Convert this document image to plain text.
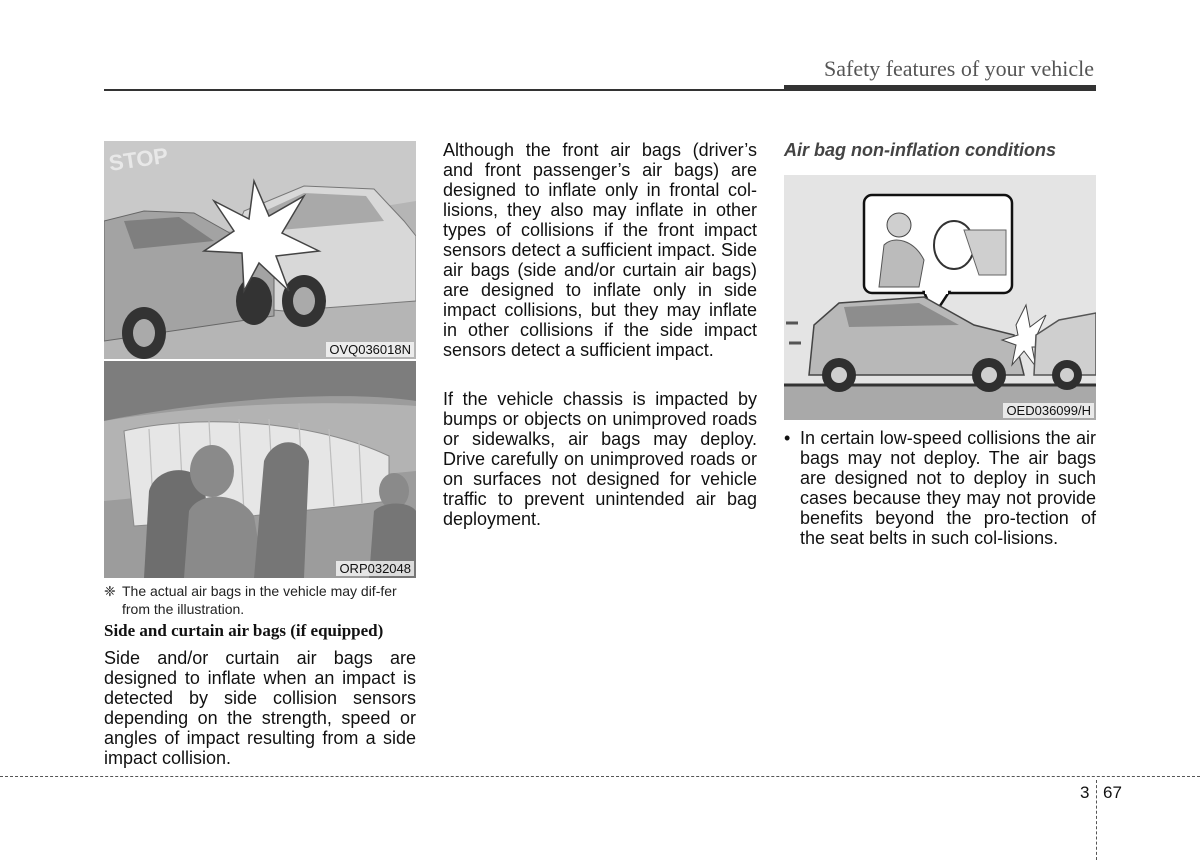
Safety features of your vehicle
STOP
OVQ036018N
ORP032048
❈ The actual air bags in the vehicle may dif-fer from the illustration.
Side and curtain air bags (if equipped)

Side and/or curtain air bags are designed to inflate when an impact is detected by side collision sensors depending on the strength, speed or angles of impact resulting from a side impact collision.

Although the front air bags (driver’s and front passenger’s air bags) are designed to inflate only in frontal col-lisions, they also may inflate in other types of collisions if the front impact sensors detect a sufficient impact. Side air bags (side and/or curtain air bags) are designed to inflate only in side impact collisions, but they may inflate in other collisions if the side impact sensors detect a sufficient impact.

If the vehicle chassis is impacted by bumps or objects on unimproved roads or sidewalks, air bags may deploy. Drive carefully on unimproved roads or on surfaces not designed for vehicle traffic to prevent unintended air bag deployment.

Air bag non-inflation conditions
OED036099/H
• In certain low-speed collisions the air bags may not deploy. The air bags are designed not to deploy in such cases because they may not provide benefits beyond the pro-tection of the seat belts in such col-lisions.
3 67
